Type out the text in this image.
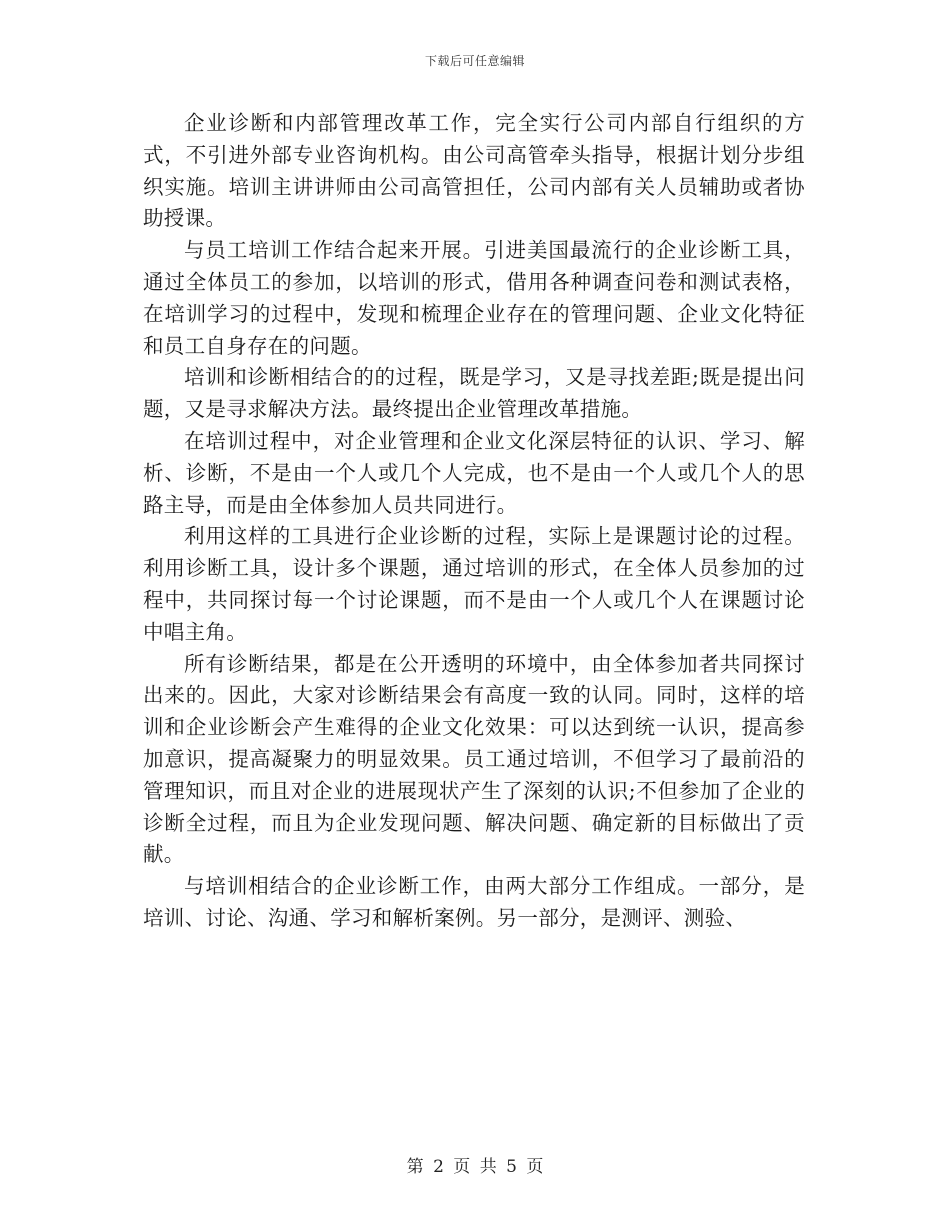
下载后可任意编辑

企业诊断和内部管理改革工作，完全实行公司内部自行组织的方式，不引进外部专业咨询机构。由公司高管牵头指导，根据计划分步组织实施。培训主讲讲师由公司高管担任，公司内部有关人员辅助或者协助授课。

与员工培训工作结合起来开展。引进美国最流行的企业诊断工具，通过全体员工的参加，以培训的形式，借用各种调查问卷和测试表格，在培训学习的过程中，发现和梳理企业存在的管理问题、企业文化特征和员工自身存在的问题。

培训和诊断相结合的的过程，既是学习，又是寻找差距;既是提出问题，又是寻求解决方法。最终提出企业管理改革措施。

在培训过程中，对企业管理和企业文化深层特征的认识、学习、解析、诊断，不是由一个人或几个人完成，也不是由一个人或几个人的思路主导，而是由全体参加人员共同进行。

利用这样的工具进行企业诊断的过程，实际上是课题讨论的过程。利用诊断工具，设计多个课题，通过培训的形式，在全体人员参加的过程中，共同探讨每一个讨论课题，而不是由一个人或几个人在课题讨论中唱主角。

所有诊断结果，都是在公开透明的环境中，由全体参加者共同探讨出来的。因此，大家对诊断结果会有高度一致的认同。同时，这样的培训和企业诊断会产生难得的企业文化效果：可以达到统一认识，提高参加意识，提高凝聚力的明显效果。员工通过培训，不但学习了最前沿的管理知识，而且对企业的进展现状产生了深刻的认识;不但参加了企业的诊断全过程，而且为企业发现问题、解决问题、确定新的目标做出了贡献。

与培训相结合的企业诊断工作，由两大部分工作组成。一部分，是培训、讨论、沟通、学习和解析案例。另一部分，是测评、测验、

第 2 页 共 5 页
